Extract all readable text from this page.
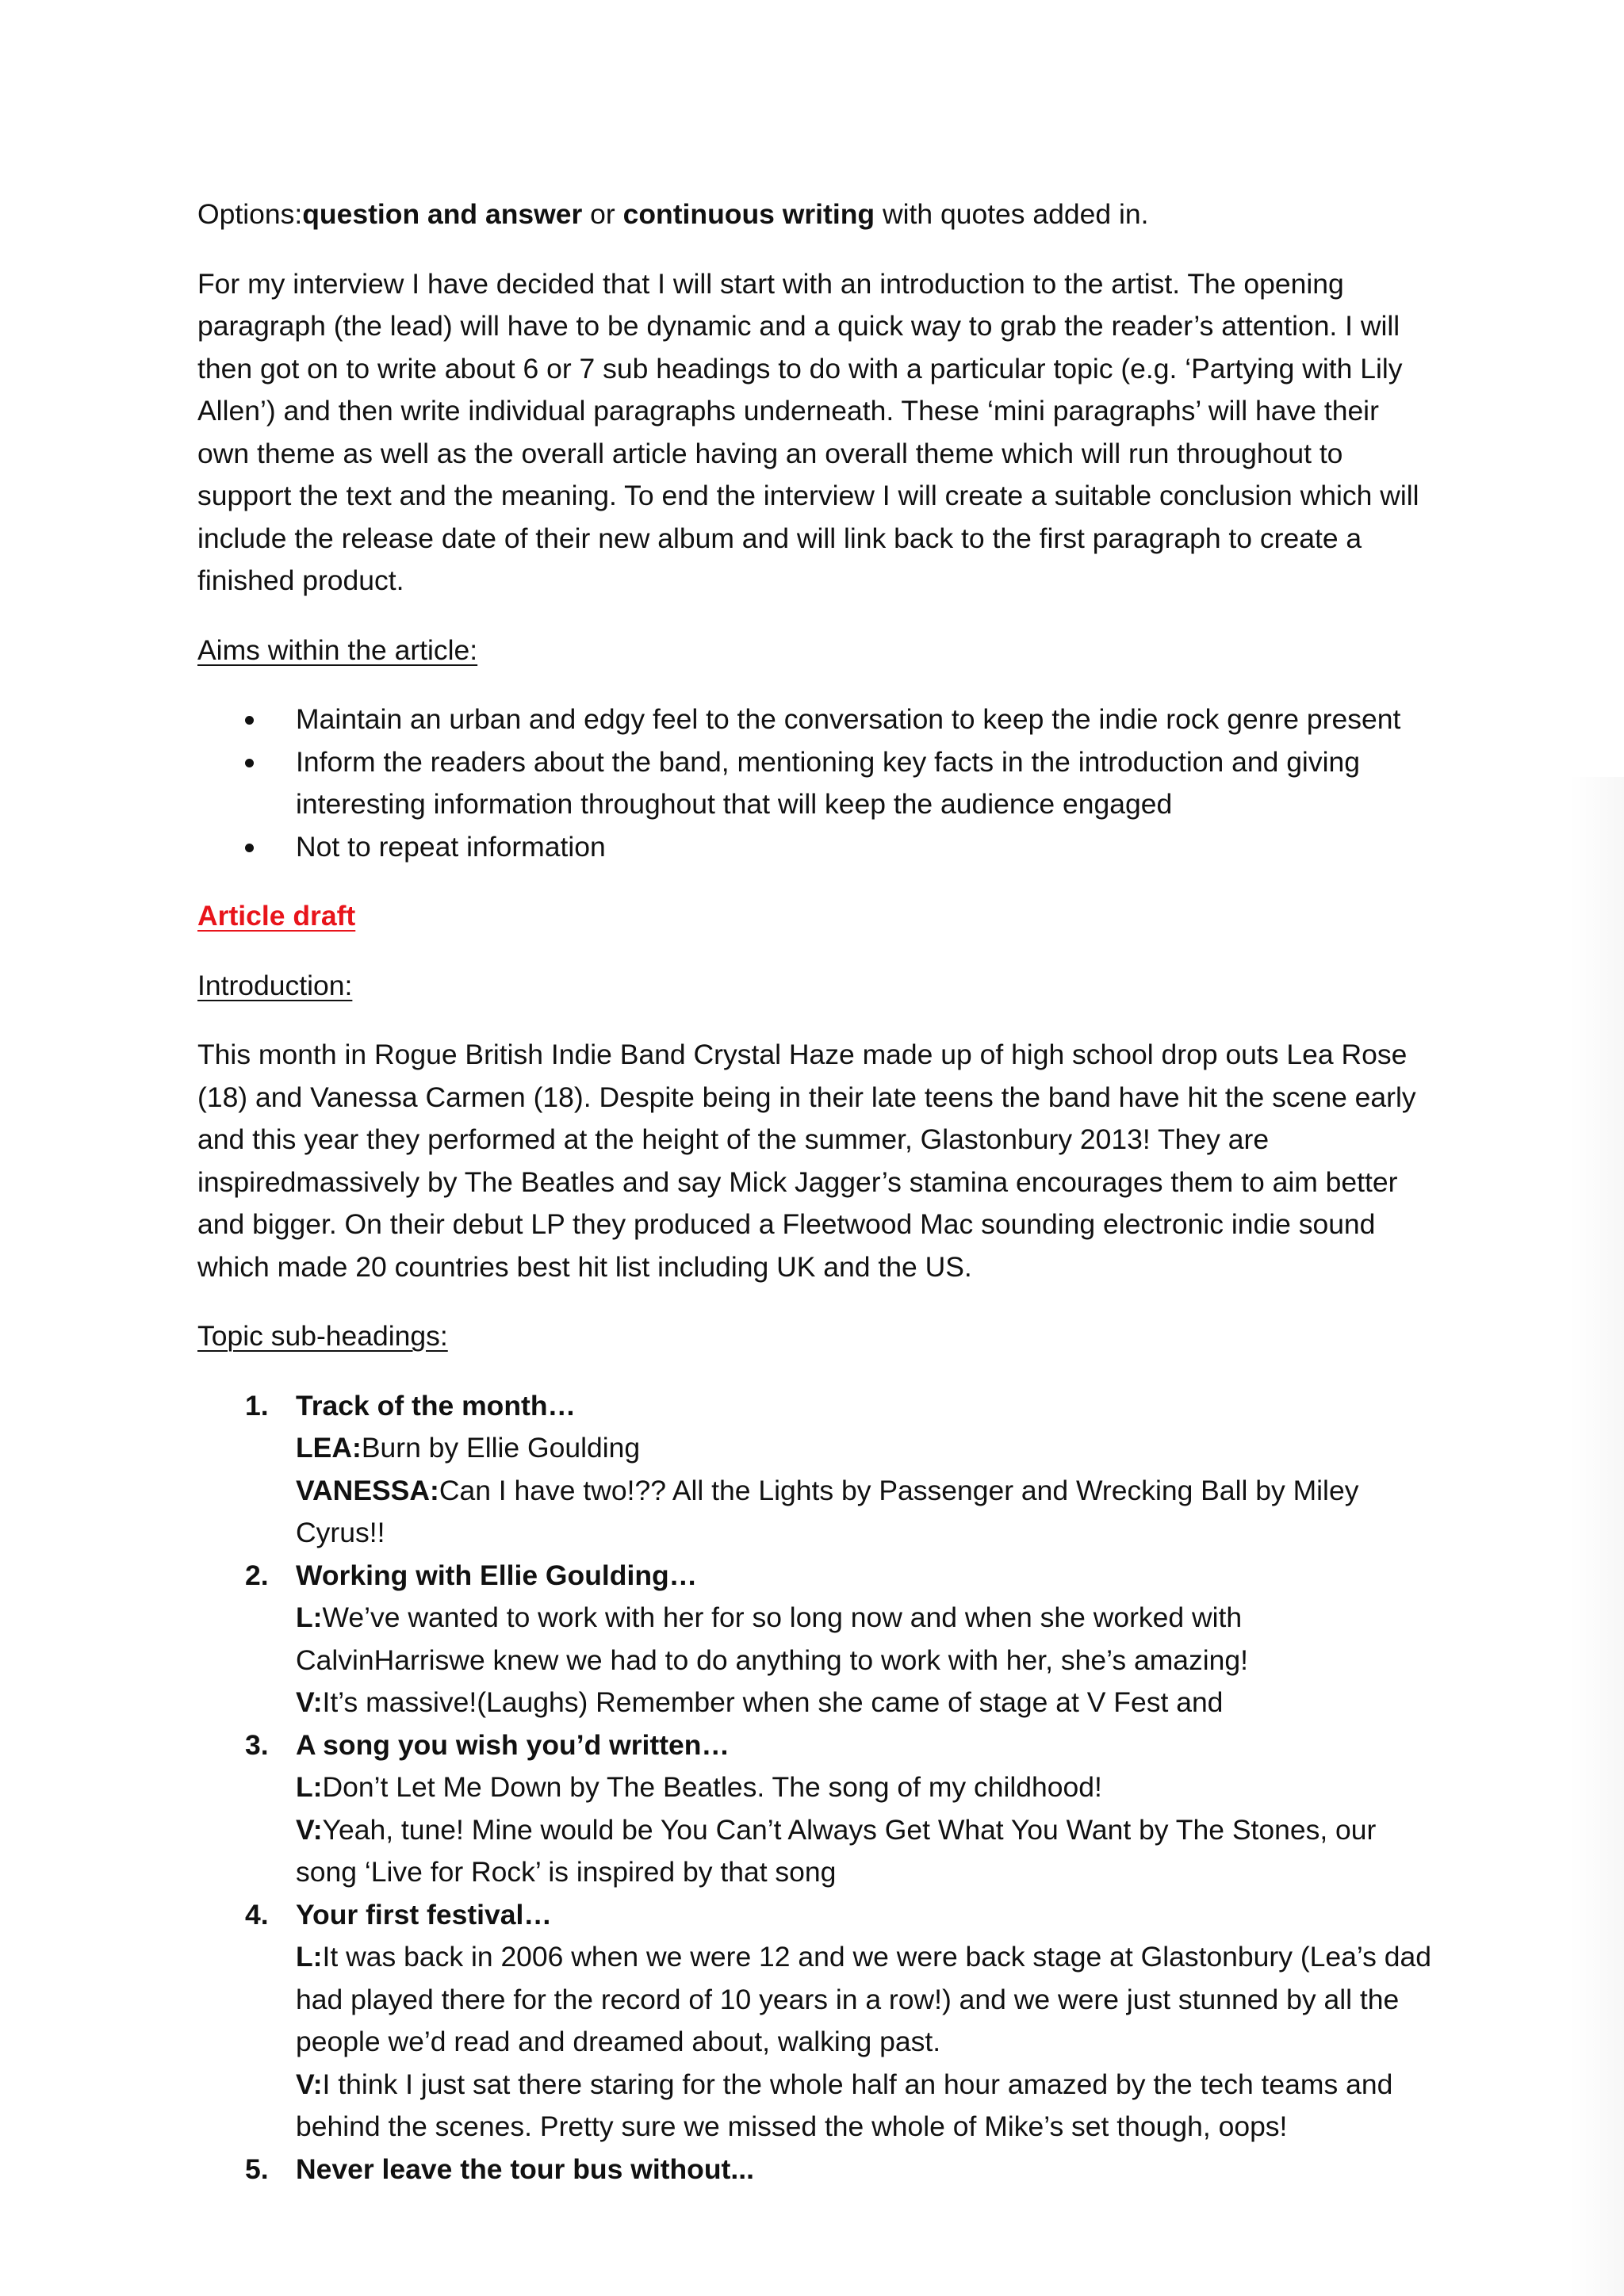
Options:question and answer or continuous writing with quotes added in.

For my interview I have decided that I will start with an introduction to the artist. The opening paragraph (the lead) will have to be dynamic and a quick way to grab the reader’s attention. I will then got on to write about 6 or 7 sub headings to do with a particular topic (e.g. ‘Partying with Lily Allen’) and then write individual paragraphs underneath. These ‘mini paragraphs’ will have their own theme as well as the overall article having an overall theme which will run throughout to support the text and the meaning. To end the interview I will create a suitable conclusion which will include the release date of their new album and will link back to the first paragraph to create a finished product.

Aims within the article:

Maintain an urban and edgy feel to the conversation to keep the indie rock genre present
Inform the readers about the band, mentioning key facts in the introduction and giving interesting information throughout that will keep the audience engaged
Not to repeat information

Article draft

Introduction:

This month in Rogue British Indie Band Crystal Haze made up of high school drop outs Lea Rose (18) and Vanessa Carmen (18). Despite being in their late teens the band have hit the scene early and this year they performed at the height of the summer, Glastonbury 2013! They are inspiredmassively by The Beatles and say Mick Jagger’s stamina encourages them to aim better and bigger. On their debut LP they produced a Fleetwood Mac sounding electronic indie sound which made 20 countries best hit list including UK and the US.

Topic sub-headings:

1. Track of the month…
LEA:Burn by Ellie Goulding
VANESSA:Can I have two!?? All the Lights by Passenger and Wrecking Ball by Miley Cyrus!!
2. Working with Ellie Goulding…
L:We’ve wanted to work with her for so long now and when she worked with CalvinHarriswe knew we had to do anything to work with her, she’s amazing!
V:It’s massive!(Laughs) Remember when she came of stage at V Fest and
3. A song you wish you’d written…
L:Don’t Let Me Down by The Beatles. The song of my childhood!
V:Yeah, tune! Mine would be You Can’t Always Get What You Want by The Stones, our song ‘Live for Rock’ is inspired by that song
4. Your first festival…
L:It was back in 2006 when we were 12 and we were back stage at Glastonbury (Lea’s dad had played there for the record of 10 years in a row!) and we were just stunned by all the people we’d read and dreamed about, walking past.
V:I think I just sat there staring for the whole half an hour amazed by the tech teams and behind the scenes. Pretty sure we missed the whole of Mike’s set though, oops!
5. Never leave the tour bus without...
